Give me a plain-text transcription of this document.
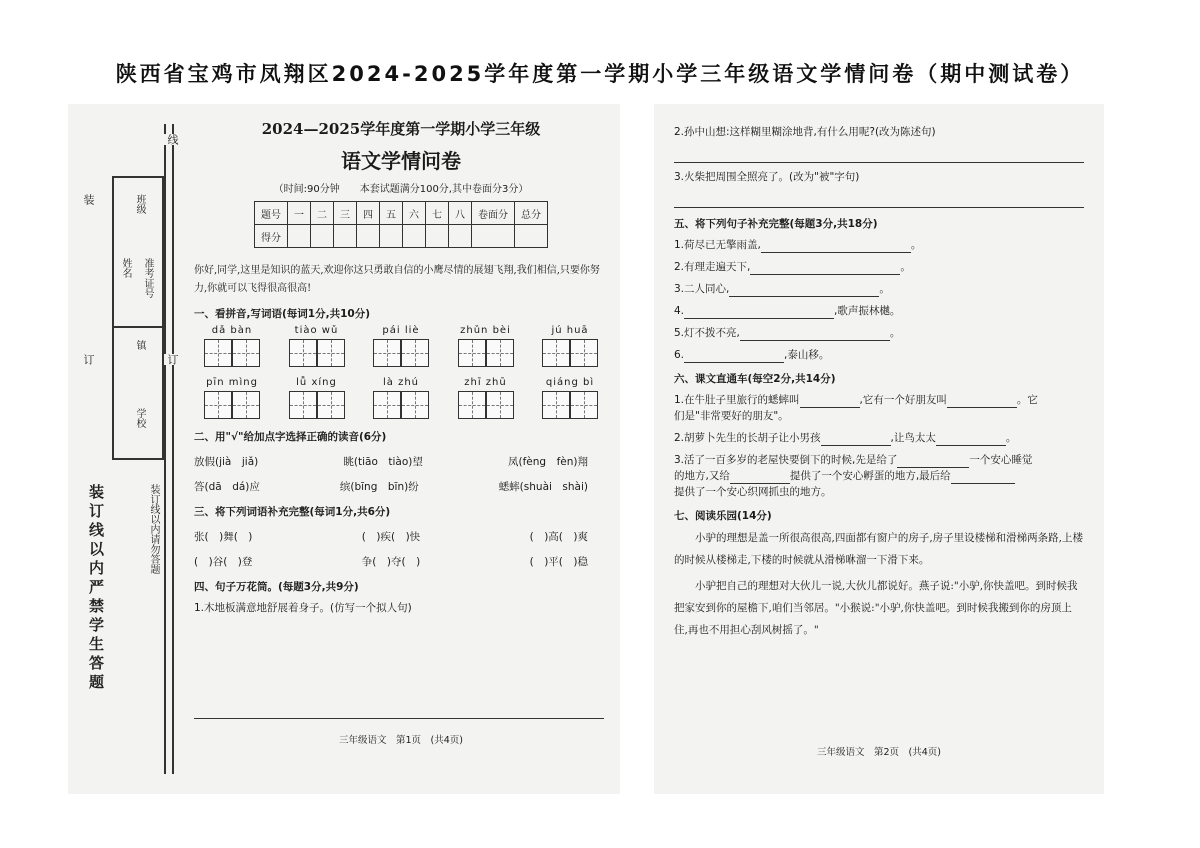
陕西省宝鸡市凤翔区2024-2025学年度第一学期小学三年级语文学情问卷（期中测试卷）
线
订
订
装	班级
姓名 准考证号
镇
学校
装订线以内严禁学生答题	装订线以内请勿答题
2024—2025学年度第一学期小学三年级
语文学情问卷
（时间:90分钟　　本套试题满分100分,其中卷面分3分）
题号	一	二	三	四	五	六	七	八	卷面分	总分
得分										
你好,同学,这里是知识的蓝天,欢迎你这只勇敢自信的小鹰尽情的展翅飞翔,我们相信,只要你努力,你就可以飞得很高很高!
一、看拼音,写词语(每词1分,共10分)
dǎ bàn	tiào wǔ	pái liè	zhǔn bèi	jú huā
pīn mìng	lǚ xíng	là zhú	zhī zhū	qiáng bì
二、用"√"给加点字选择正确的读音(6分)
放假(jià　jiǎ)	眺(tiāo　tiào)望	凤(fèng　fèn)翔
答(dā　dá)应	缤(bīng　bīn)纷	蟋蟀(shuài　shài)
三、将下列词语补充完整(每词1分,共6分)
张(　)舞(　)	(　)疾(　)快	(　)高(　)爽
(　)谷(　)登	争(　)夺(　)	(　)平(　)稳
四、句子万花筒。(每题3分,共9分)
1.木地板满意地舒展着身子。(仿写一个拟人句)
三年级语文　第1页　(共4页)
2.孙中山想:这样糊里糊涂地背,有什么用呢?(改为陈述句)
3.火柴把周围全照亮了。(改为"被"字句)
五、将下列句子补充完整(每题3分,共18分)
1.荷尽已无擎雨盖,	。
2.有理走遍天下,	。
3.二人同心,	。
4.	,歌声振林樾。
5.灯不拨不亮,	。
6.	,泰山移。
六、课文直通车(每空2分,共14分)
1.在牛肚子里旅行的蟋蟀叫	,它有一个好朋友叫	。它
们是"非常要好的朋友"。
2.胡萝卜先生的长胡子让小男孩	,让鸟太太	。
3.活了一百多岁的老屋快要倒下的时候,先是给了	一个安心睡觉
的地方,又给	提供了一个安心孵蛋的地方,最后给
提供了一个安心织网抓虫的地方。
七、阅读乐园(14分)
小驴的理想是盖一所很高很高,四面都有窗户的房子,房子里设楼梯和滑梯两条路,上楼的时候从楼梯走,下楼的时候就从滑梯咻溜一下滑下来。
小驴把自己的理想对大伙儿一说,大伙儿都说好。燕子说:"小驴,你快盖吧。到时候我把家安到你的屋檐下,咱们当邻居。"小猴说:"小驴,你快盖吧。到时候我搬到你的房顶上住,再也不用担心刮风树摇了。"
三年级语文　第2页　(共4页)
